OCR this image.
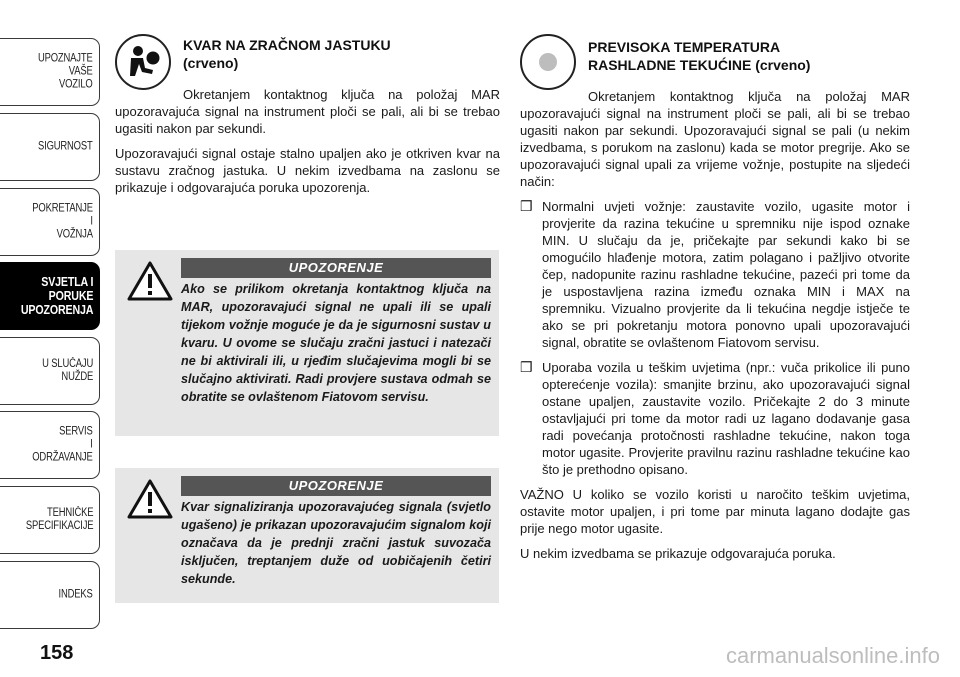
UPOZNAJTE
VAŠE
VOZILO
SIGURNOST
POKRETANJE
I
VOŽNJA
SVJETLA I
PORUKE
UPOZORENJA
U SLUČAJU
NUŽDE
SERVIS
I
ODRŽAVANJE
TEHNIČKE
SPECIFIKACIJE
INDEKS
158
KVAR NA ZRAČNOM JASTUKU
(crveno)

Okretanjem kontaktnog ključa na položaj MAR upozoravajuća signal na instrument ploči se pali, ali bi se trebao ugasiti nakon par sekundi.

Upozoravajući signal ostaje stalno upaljen ako je otkriven kvar na sustavu zračnog jastuka. U nekim izvedbama na zaslonu se prikazuje i odgovarajuća poruka upozorenja.

UPOZORENJE
Ako se prilikom okretanja kontaktnog ključa na MAR, upozoravajući signal ne upali ili se upali tijekom vožnje moguće je da je sigurnosni sustav u kvaru. U ovome se slučaju zračni jastuci i natezači ne bi aktivirali ili, u rjeđim slučajevima mogli bi se slučajno aktivirati. Radi provjere sustava odmah se obratite se ovlaštenom Fiatovom servisu.
UPOZORENJE
Kvar signaliziranja upozoravajućeg signala (svjetlo ugašeno) je prikazan upozoravajućim signalom koji označava da je prednji zračni jastuk suvozača isključen, treptanjem duže od uobičajenih četiri sekunde.
PREVISOKA TEMPERATURA
RASHLADNE TEKUĆINE (crveno)

Okretanjem kontaktnog ključa na položaj MAR upozoravajući signal na instrument ploči se pali, ali bi se trebao ugasiti nakon par sekundi. Upozoravajući signal se pali (u nekim izvedbama, s porukom na zaslonu) kada se motor pregrije. Ako se upozoravajući signal upali za vrijeme vožnje, postupite na sljedeći način:

❒ Normalni uvjeti vožnje: zaustavite vozilo, ugasite motor i provjerite da razina tekućine u spremniku nije ispod oznake MIN. U slučaju da je, pričekajte par sekundi kako bi se omogućilo hlađenje motora, zatim polagano i pažljivo otvorite čep, nadopunite razinu rashladne tekućine, pazeći pri tome da je uspostavljena razina između oznaka MIN i MAX na spremniku. Vizualno provjerite da li tekućina negdje istječe te ako se pri pokretanju motora ponovno upali upozoravajući signal, obratite se ovlaštenom Fiatovom servisu.
❒ Uporaba vozila u teškim uvjetima (npr.: vuča prikolice ili puno opterećenje vozila): smanjite brzinu, ako upozoravajući signal ostane upaljen, zaustavite vozilo. Pričekajte 2 do 3 minute ostavljajući pri tome da motor radi uz lagano dodavanje gasa radi povećanja protočnosti rashladne tekućine, nakon toga motor ugasite. Provjerite pravilnu razinu rashladne tekućine kao što je prethodno opisano.

VAŽNO U koliko se vozilo koristi u naročito teškim uvjetima, ostavite motor upaljen, i pri tome par minuta lagano dodajte gas prije nego motor ugasite.

U nekim izvedbama se prikazuje odgovarajuća poruka.

carmanualsonline.info
